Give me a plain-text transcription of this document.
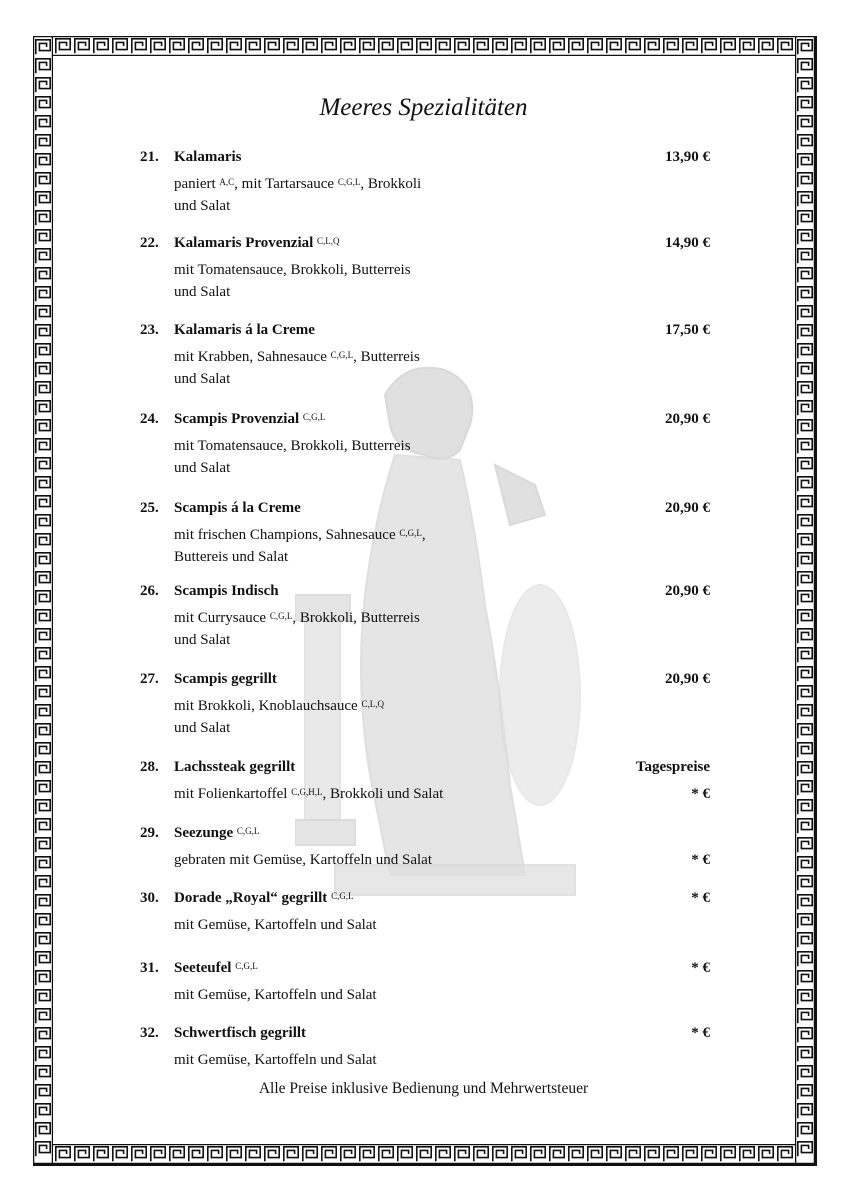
Meeres Spezialitäten
21. Kalamaris	13,90 €
paniert $^{A,C}$, mit Tartarsauce $^{C,G,L}$, Brokkoli
und Salat
22. Kalamaris Provenzial $^{C,L,Q}$	14,90 €
mit Tomatensauce, Brokkoli, Butterreis
und Salat
23. Kalamaris á la Creme	17,50 €
mit Krabben, Sahnesauce $^{C,G,L}$, Butterreis
und Salat
24. Scampis Provenzial $^{C,G,L}$	20,90 €
mit Tomatensauce, Brokkoli, Butterreis
und Salat
25. Scampis á la Creme	20,90 €
mit frischen Champions, Sahnesauce $^{C,G,L}$,
Buttereis und Salat
26. Scampis Indisch	20,90 €
mit Currysauce $^{C,G,L}$, Brokkoli, Butterreis
und Salat
27. Scampis gegrillt	20,90 €
mit Brokkoli, Knoblauchsauce $^{C,L,Q}$
und Salat
28. Lachssteak gegrillt	Tagespreise
mit Folienkartoffel $^{C,G,H,L}$, Brokkoli und Salat	* €
29. Seezunge $^{C,G,L}$
gebraten mit Gemüse, Kartoffeln und Salat	* €
30. Dorade „Royal“ gegrillt $^{C,G,L}$	* €
mit Gemüse, Kartoffeln und Salat
31. Seeteufel $^{C,G,L}$	* €
mit Gemüse, Kartoffeln und Salat
32. Schwertfisch gegrillt	* €
mit Gemüse, Kartoffeln und Salat
Alle Preise inklusive Bedienung und Mehrwertsteuer
